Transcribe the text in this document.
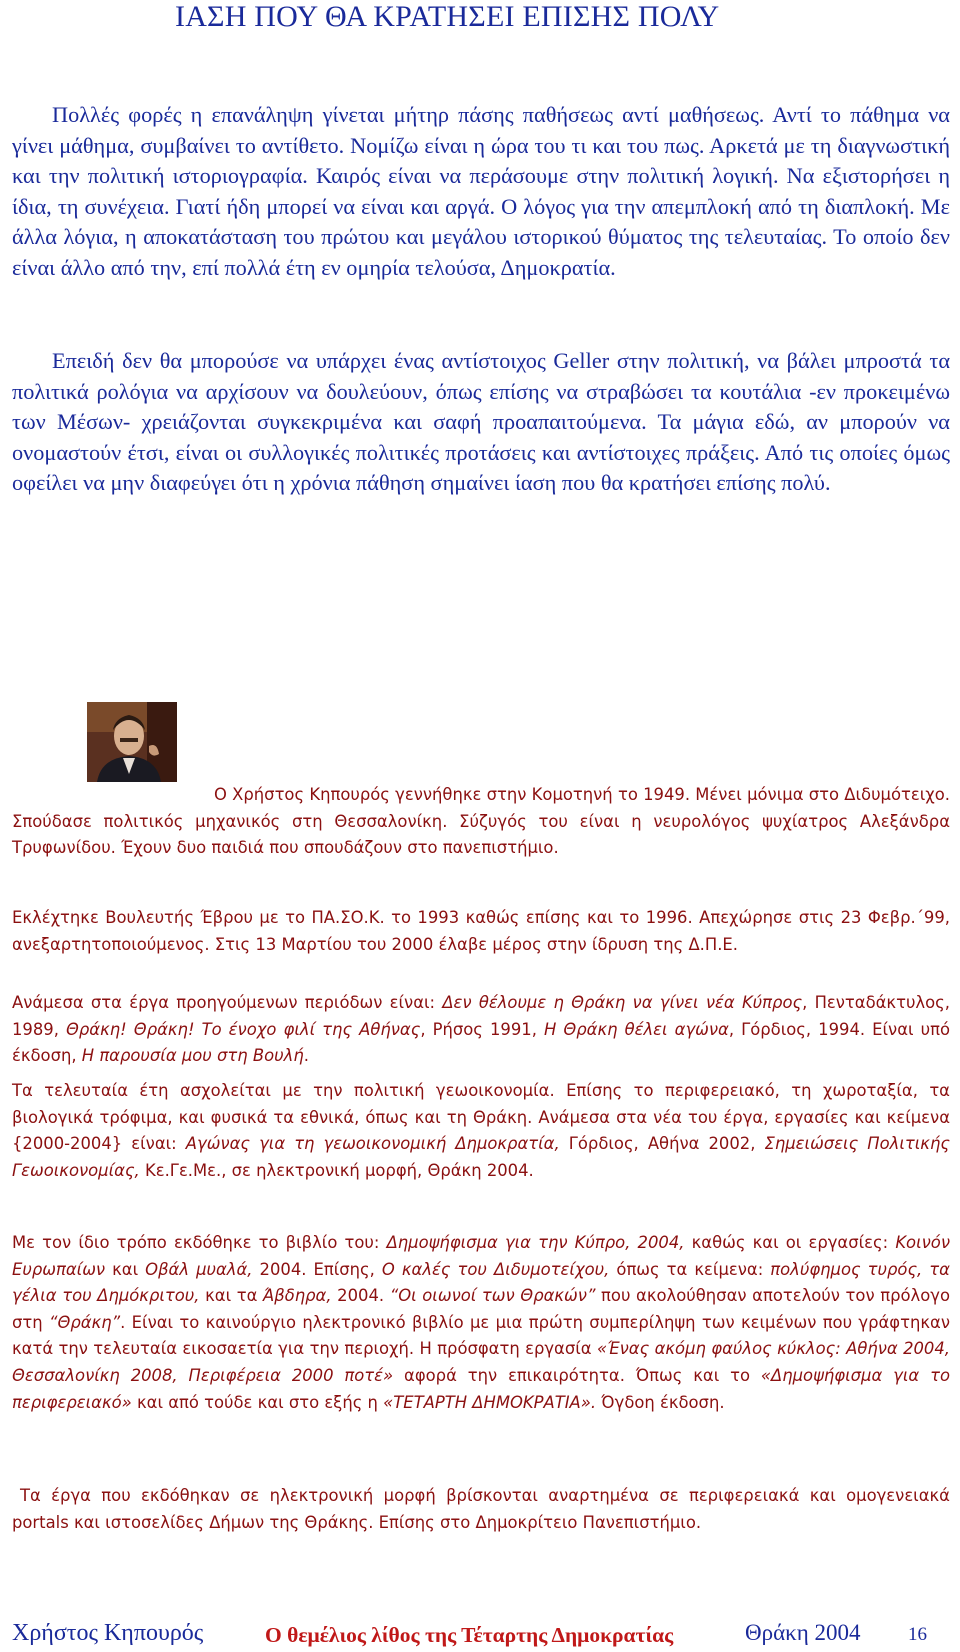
ΙΑΣΗ ΠΟΥ ΘΑ ΚΡΑΤΗΣΕΙ ΕΠΙΣΗΣ ΠΟΛΥ

Πολλές φορές η επανάληψη γίνεται μήτηρ πάσης παθήσεως αντί μαθήσεως. Αντί το πάθημα να γίνει μάθημα, συμβαίνει το αντίθετο. Νομίζω είναι η ώρα του τι και του πως. Αρκετά με τη διαγνωστική και την πολιτική ιστοριογραφία. Καιρός είναι να περάσουμε στην πολιτική λογική. Να εξιστορήσει η ίδια, τη συνέχεια. Γιατί ήδη μπορεί να είναι και αργά. Ο λόγος για την απεμπλοκή από τη διαπλοκή. Με άλλα λόγια, η αποκατάσταση του πρώτου και μεγάλου ιστορικού θύματος της τελευταίας. Το οποίο δεν είναι άλλο από την, επί πολλά έτη εν ομηρία τελούσα, Δημοκρατία.

Επειδή δεν θα μπορούσε να υπάρχει ένας αντίστοιχος Geller στην πολιτική, να βάλει μπροστά τα πολιτικά ρολόγια να αρχίσουν να δουλεύουν, όπως επίσης να στραβώσει τα κουτάλια -εν προκειμένω των Μέσων- χρειάζονται συγκεκριμένα και σαφή προαπαιτούμενα. Τα μάγια εδώ, αν μπορούν να ονομαστούν έτσι, είναι οι συλλογικές πολιτικές προτάσεις και αντίστοιχες πράξεις. Από τις οποίες όμως οφείλει να μην διαφεύγει ότι η χρόνια πάθηση σημαίνει ίαση που θα κρατήσει επίσης πολύ.

Ο Χρήστος Κηπουρός γεννήθηκε στην Κομοτηνή το 1949. Μένει μόνιμα στο Διδυμότειχο. Σπούδασε πολιτικός μηχανικός στη Θεσσαλονίκη. Σύζυγός του είναι η νευρολόγος ψυχίατρος Αλεξάνδρα Τρυφωνίδου. Έχουν δυο παιδιά που σπουδάζουν στο πανεπιστήμιο.

Εκλέχτηκε Βουλευτής Έβρου με το ΠΑ.ΣΟ.Κ. το 1993 καθώς επίσης και το 1996. Απεχώρησε στις 23 Φεβρ.΄99, ανεξαρτητοποιούμενος. Στις 13 Μαρτίου του 2000 έλαβε μέρος στην ίδρυση της Δ.Π.Ε.

Ανάμεσα στα έργα προηγούμενων περιόδων είναι: Δεν θέλουμε η Θράκη να γίνει νέα Κύπρος, Πενταδάκτυλος, 1989, Θράκη! Θράκη! Το ένοχο φιλί της Αθήνας, Ρήσος 1991, Η Θράκη θέλει αγώνα, Γόρδιος, 1994. Είναι υπό έκδοση, Η παρουσία μου στη Βουλή.

Τα τελευταία έτη ασχολείται με την πολιτική γεωοικονομία. Επίσης το περιφερειακό, τη χωροταξία, τα βιολογικά τρόφιμα, και φυσικά τα εθνικά, όπως και τη Θράκη. Ανάμεσα στα νέα του έργα, εργασίες και κείμενα {2000-2004} είναι: Αγώνας για τη γεωοικονομική Δημοκρατία, Γόρδιος, Αθήνα 2002, Σημειώσεις Πολιτικής Γεωοικονομίας, Κε.Γε.Με., σε ηλεκτρονική μορφή, Θράκη 2004.

Με τον ίδιο τρόπο εκδόθηκε το βιβλίο του: Δημοψήφισμα για την Κύπρο, 2004, καθώς και οι εργασίες: Κοινόν Ευρωπαίων και Οβάλ μυαλά, 2004. Επίσης, Ο καλές του Διδυμοτείχου, όπως τα κείμενα: πολύφημος τυρός, τα γέλια του Δημόκριτου, και τα Άβδηρα, 2004. “Οι οιωνοί των Θρακών” που ακολούθησαν αποτελούν τον πρόλογο στη “Θράκη”. Είναι το καινούργιο ηλεκτρονικό βιβλίο με μια πρώτη συμπερίληψη των κειμένων που γράφτηκαν κατά την τελευταία εικοσαετία για την περιοχή. Η πρόσφατη εργασία «Ένας ακόμη φαύλος κύκλος: Αθήνα 2004, Θεσσαλονίκη 2008, Περιφέρεια 2000 ποτέ» αφορά την επικαιρότητα. Όπως και το «Δημοψήφισμα για το περιφερειακό» και από τούδε και στο εξής η «ΤΕΤΑΡΤΗ ΔΗΜΟΚΡΑΤΙΑ». Όγδοη έκδοση.

Τα έργα που εκδόθηκαν σε ηλεκτρονική μορφή βρίσκονται αναρτημένα σε περιφερειακά και ομογενειακά portals και ιστοσελίδες Δήμων της Θράκης. Επίσης στο Δημοκρίτειο Πανεπιστήμιο.

Χρήστος Κηπουρός	Ο θεμέλιος λίθος της Τέταρτης Δημοκρατίας	Θράκη 2004 16
